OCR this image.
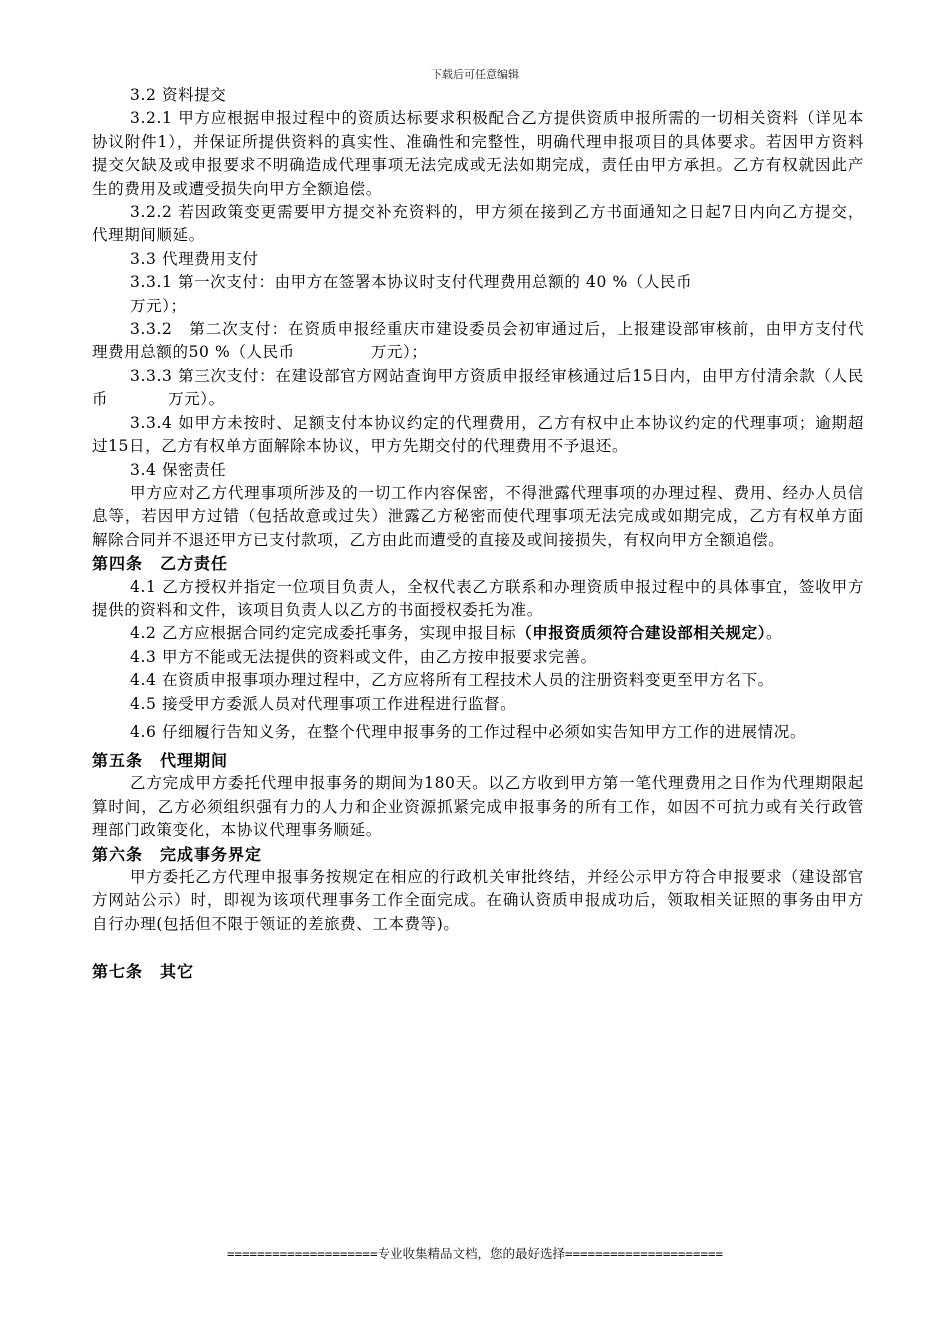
下载后可任意编辑

3.2 资料提交

3.2.1 甲方应根据申报过程中的资质达标要求积极配合乙方提供资质申报所需的一切相关资料（详见本协议附件1），并保证所提供资料的真实性、准确性和完整性，明确代理申报项目的具体要求。若因甲方资料提交欠缺及或申报要求不明确造成代理事项无法完成或无法如期完成，责任由甲方承担。乙方有权就因此产生的费用及或遭受损失向甲方全额追偿。

3.2.2 若因政策变更需要甲方提交补充资料的，甲方须在接到乙方书面通知之日起7日内向乙方提交，代理期间顺延。

3.3 代理费用支付

3.3.1 第一次支付：由甲方在签署本协议时支付代理费用总额的 40 %（人民币
万元）；

3.3.2　第二次支付：在资质申报经重庆市建设委员会初审通过后，上报建设部审核前，由甲方支付代理费用总额的50 %（人民币	万元）；

3.3.3 第三次支付：在建设部官方网站查询甲方资质申报经审核通过后15日内，由甲方付清余款（人民币	万元）。

3.3.4 如甲方未按时、足额支付本协议约定的代理费用，乙方有权中止本协议约定的代理事项；逾期超过15日，乙方有权单方面解除本协议，甲方先期交付的代理费用不予退还。

3.4 保密责任

甲方应对乙方代理事项所涉及的一切工作内容保密，不得泄露代理事项的办理过程、费用、经办人员信息等，若因甲方过错（包括故意或过失）泄露乙方秘密而使代理事项无法完成或如期完成，乙方有权单方面解除合同并不退还甲方已支付款项，乙方由此而遭受的直接及或间接损失，有权向甲方全额追偿。

第四条　乙方责任

4.1 乙方授权并指定一位项目负责人，全权代表乙方联系和办理资质申报过程中的具体事宜，签收甲方提供的资料和文件，该项目负责人以乙方的书面授权委托为准。

4.2 乙方应根据合同约定完成委托事务，实现申报目标（申报资质须符合建设部相关规定）。

4.3 甲方不能或无法提供的资料或文件，由乙方按申报要求完善。

4.4 在资质申报事项办理过程中，乙方应将所有工程技术人员的注册资料变更至甲方名下。

4.5 接受甲方委派人员对代理事项工作进程进行监督。

4.6 仔细履行告知义务，在整个代理申报事务的工作过程中必须如实告知甲方工作的进展情况。

第五条　代理期间

乙方完成甲方委托代理申报事务的期间为180天。以乙方收到甲方第一笔代理费用之日作为代理期限起算时间，乙方必须组织强有力的人力和企业资源抓紧完成申报事务的所有工作，如因不可抗力或有关行政管理部门政策变化，本协议代理事务顺延。

第六条　完成事务界定

甲方委托乙方代理申报事务按规定在相应的行政机关审批终结，并经公示甲方符合申报要求（建设部官方网站公示）时，即视为该项代理事务工作全面完成。在确认资质申报成功后，领取相关证照的事务由甲方自行办理(包括但不限于领证的差旅费、工本费等)。

第七条　其它

====================专业收集精品文档，您的最好选择=====================
